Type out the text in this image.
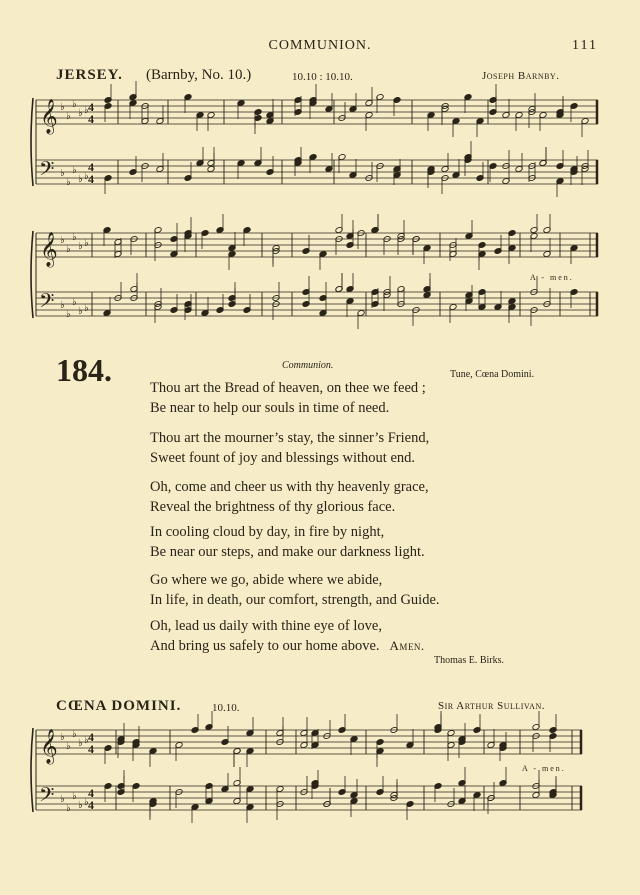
COMMUNION.	111
JERSEY. (Barnby, No. 10.)	10.10 : 10.10.	Joseph Barnby.
𝄞
𝄢
♭
♭
♭
♭
♭
♭
♭
♭
♭
♭
4
4
4
4
𝄞
𝄢
♭
♭
♭
♭
♭
♭
♭
♭
♭
♭
𝄞
𝄢
♭
♭
♭
♭
♭
♭
♭
♭
♭
♭
4
4
4
4
A - men.
184.	Communion.
Tune, Cœna Domini.

Thou art the Bread of heaven, on thee we feed ;

Be near to help our souls in time of need.

Thou art the mourner’s stay, the sinner’s Friend,

Sweet fount of joy and blessings without end.

Oh, come and cheer us with thy heavenly grace,

Reveal the brightness of thy glorious face.

In cooling cloud by day, in fire by night,

Be near our steps, and make our darkness light.

Go where we go, abide where we abide,

In life, in death, our comfort, strength, and Guide.

Oh, lead us daily with thine eye of love,

And bring us safely to our home above. Amen.

Thomas E. Birks.
CŒNA DOMINI.	10.10.	Sir Arthur Sullivan.
A - men.
